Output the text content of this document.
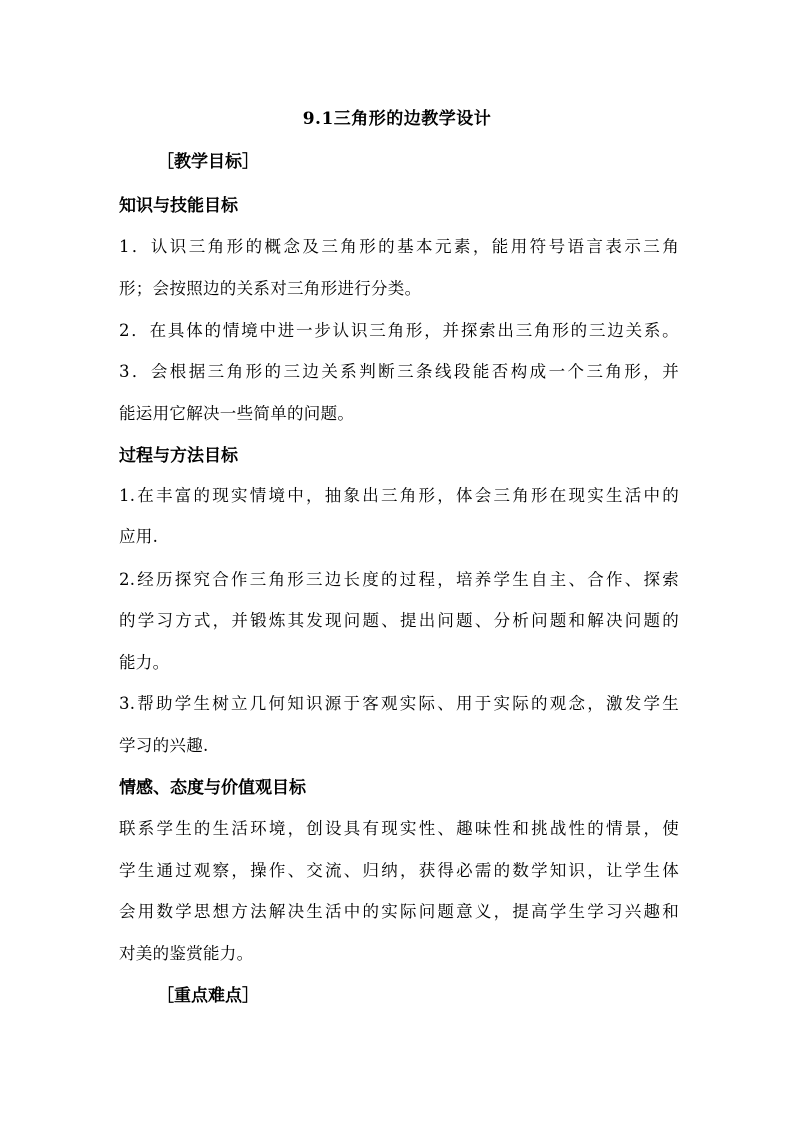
9.1三角形的边教学设计
［教学目标］
知识与技能目标
1．认识三角形的概念及三角形的基本元素，能用符号语言表示三角
形；会按照边的关系对三角形进行分类。
2．在具体的情境中进一步认识三角形，并探索出三角形的三边关系。
3．会根据三角形的三边关系判断三条线段能否构成一个三角形，并
能运用它解决一些简单的问题。
过程与方法目标
1.在丰富的现实情境中，抽象出三角形，体会三角形在现实生活中的
应用.
2.经历探究合作三角形三边长度的过程，培养学生自主、合作、探索
的学习方式，并锻炼其发现问题、提出问题、分析问题和解决问题的
能力。
3.帮助学生树立几何知识源于客观实际、用于实际的观念，激发学生
学习的兴趣.
情感、态度与价值观目标
联系学生的生活环境，创设具有现实性、趣味性和挑战性的情景，使
学生通过观察，操作、交流、归纳，获得必需的数学知识，让学生体
会用数学思想方法解决生活中的实际问题意义，提高学生学习兴趣和
对美的鉴赏能力。
［重点难点］
